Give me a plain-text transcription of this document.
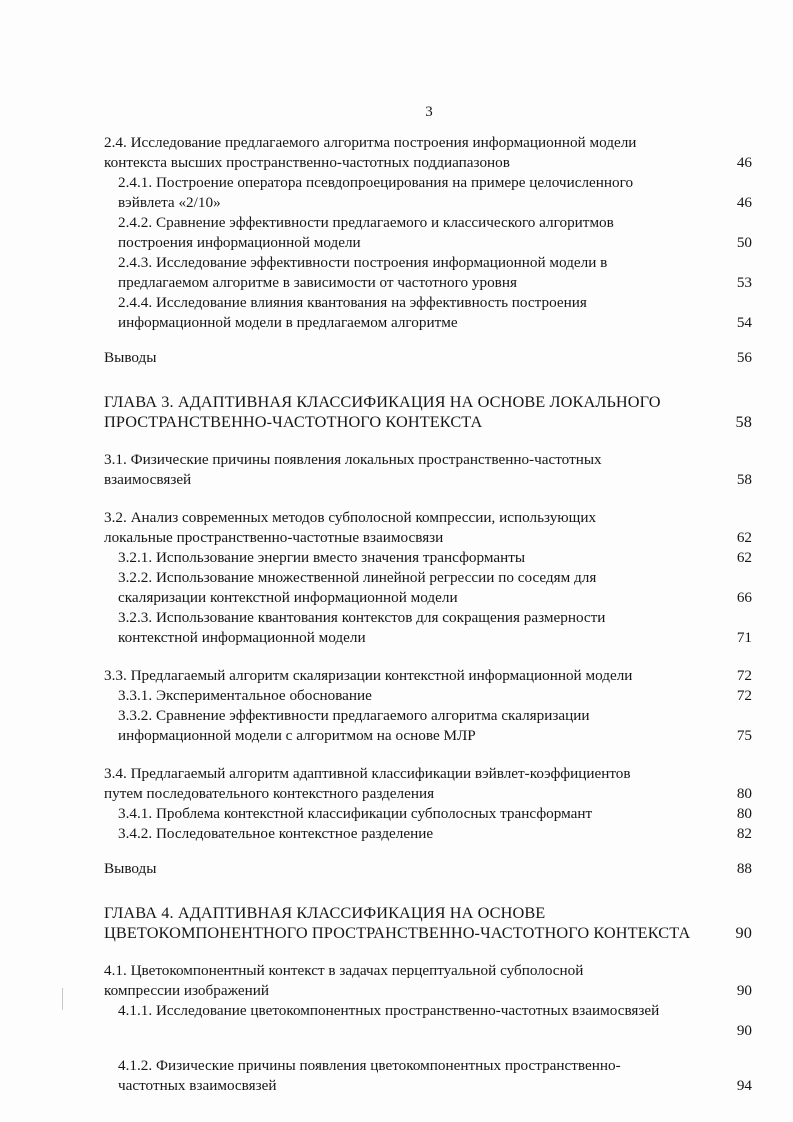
3
2.4. Исследование предлагаемого алгоритма построения информационной модели
контекста высших пространственно-частотных поддиапазонов	46
2.4.1. Построение оператора псевдопроецирования на примере целочисленного
вэйвлета «2/10»	46
2.4.2. Сравнение эффективности предлагаемого и классического алгоритмов
построения информационной модели	50
2.4.3. Исследование эффективности построения информационной модели в
предлагаемом алгоритме в зависимости от частотного уровня	53
2.4.4. Исследование влияния квантования на эффективность построения
информационной модели в предлагаемом алгоритме	54
Выводы	56
ГЛАВА 3. АДАПТИВНАЯ КЛАССИФИКАЦИЯ НА ОСНОВЕ ЛОКАЛЬНОГО
ПРОСТРАНСТВЕННО-ЧАСТОТНОГО КОНТЕКСТА	58
3.1. Физические причины появления локальных пространственно-частотных
взаимосвязей	58
3.2. Анализ современных методов субполосной компрессии, использующих
локальные пространственно-частотные взаимосвязи	62
3.2.1. Использование энергии вместо значения трансформанты	62
3.2.2. Использование множественной линейной регрессии по соседям для
скаляризации контекстной информационной модели	66
3.2.3. Использование квантования контекстов для сокращения размерности
контекстной информационной модели	71
3.3. Предлагаемый алгоритм скаляризации контекстной информационной модели	72
3.3.1. Экспериментальное обоснование	72
3.3.2. Сравнение эффективности предлагаемого алгоритма скаляризации
информационной модели с алгоритмом на основе МЛР	75
3.4. Предлагаемый алгоритм адаптивной классификации вэйвлет-коэффициентов
путем последовательного контекстного разделения	80
3.4.1. Проблема контекстной классификации субполосных трансформант	80
3.4.2. Последовательное контекстное разделение	82
Выводы	88
ГЛАВА 4. АДАПТИВНАЯ КЛАССИФИКАЦИЯ НА ОСНОВЕ
ЦВЕТОКОМПОНЕНТНОГО ПРОСТРАНСТВЕННО-ЧАСТОТНОГО КОНТЕКСТА	90
4.1. Цветокомпонентный контекст в задачах перцептуальной субполосной
компрессии изображений	90
4.1.1. Исследование цветокомпонентных пространственно-частотных взаимосвязей
90
4.1.2. Физические причины появления цветокомпонентных пространственно-
частотных взаимосвязей	94
